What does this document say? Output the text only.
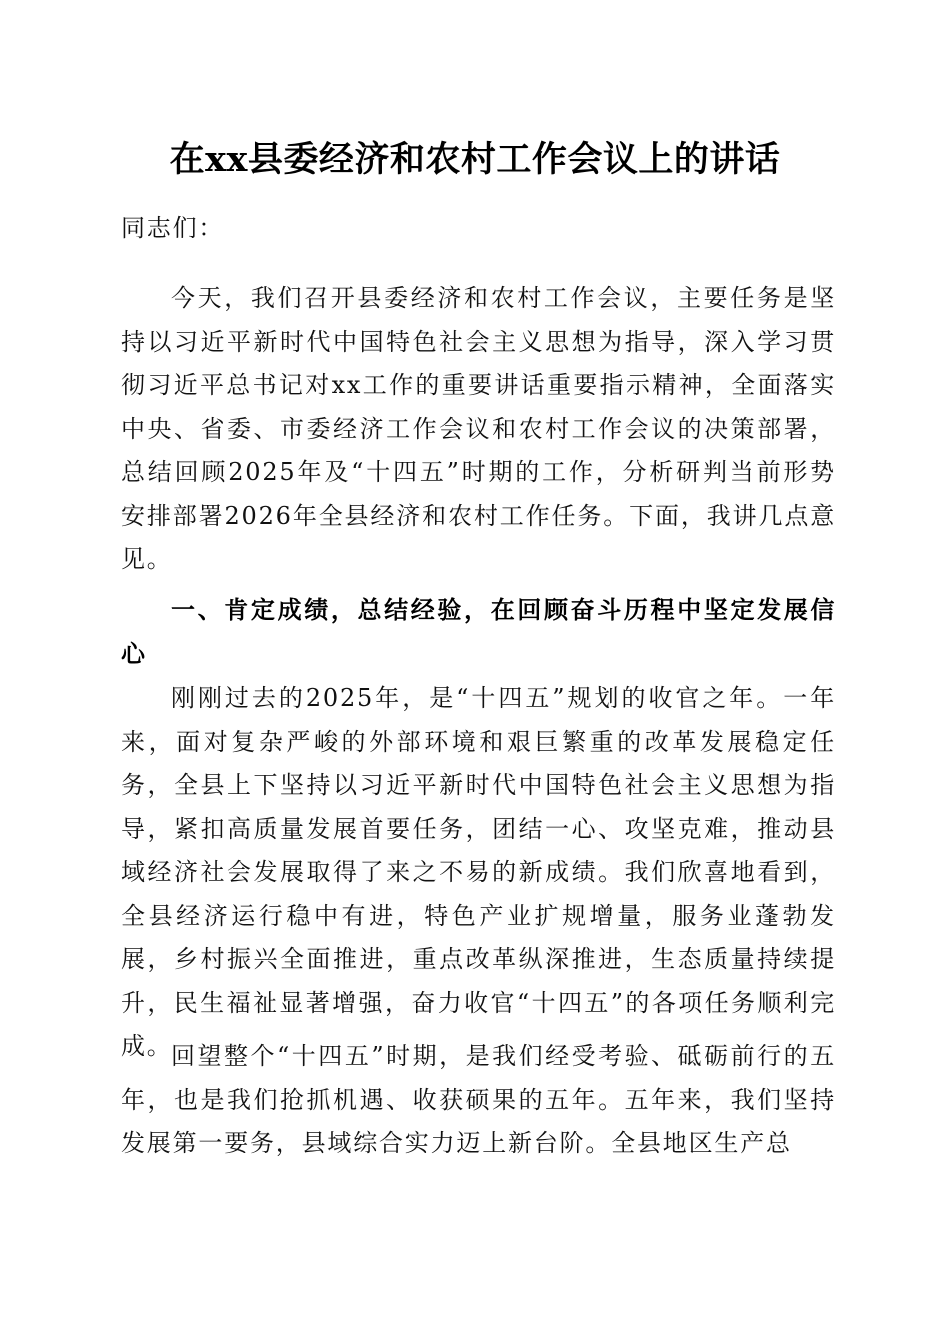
在xx县委经济和农村工作会议上的讲话

同志们：

今天，我们召开县委经济和农村工作会议，主要任务是坚持以习近平新时代中国特色社会主义思想为指导，深入学习贯彻习近平总书记对xx工作的重要讲话重要指示精神，全面落实中央、省委、市委经济工作会议和农村工作会议的决策部署，总结回顾2025年及“十四五”时期的工作，分析研判当前形势安排部署2026年全县经济和农村工作任务。下面，我讲几点意见。

一、肯定成绩，总结经验，在回顾奋斗历程中坚定发展信心

刚刚过去的2025年，是“十四五”规划的收官之年。一年来，面对复杂严峻的外部环境和艰巨繁重的改革发展稳定任务，全县上下坚持以习近平新时代中国特色社会主义思想为指导，紧扣高质量发展首要任务，团结一心、攻坚克难，推动县域经济社会发展取得了来之不易的新成绩。我们欣喜地看到，全县经济运行稳中有进，特色产业扩规增量，服务业蓬勃发展，乡村振兴全面推进，重点改革纵深推进，生态质量持续提升，民生福祉显著增强，奋力收官“十四五”的各项任务顺利完成。

回望整个“十四五”时期，是我们经受考验、砥砺前行的五年，也是我们抢抓机遇、收获硕果的五年。五年来，我们坚持发展第一要务，县域综合实力迈上新台阶。全县地区生产总
